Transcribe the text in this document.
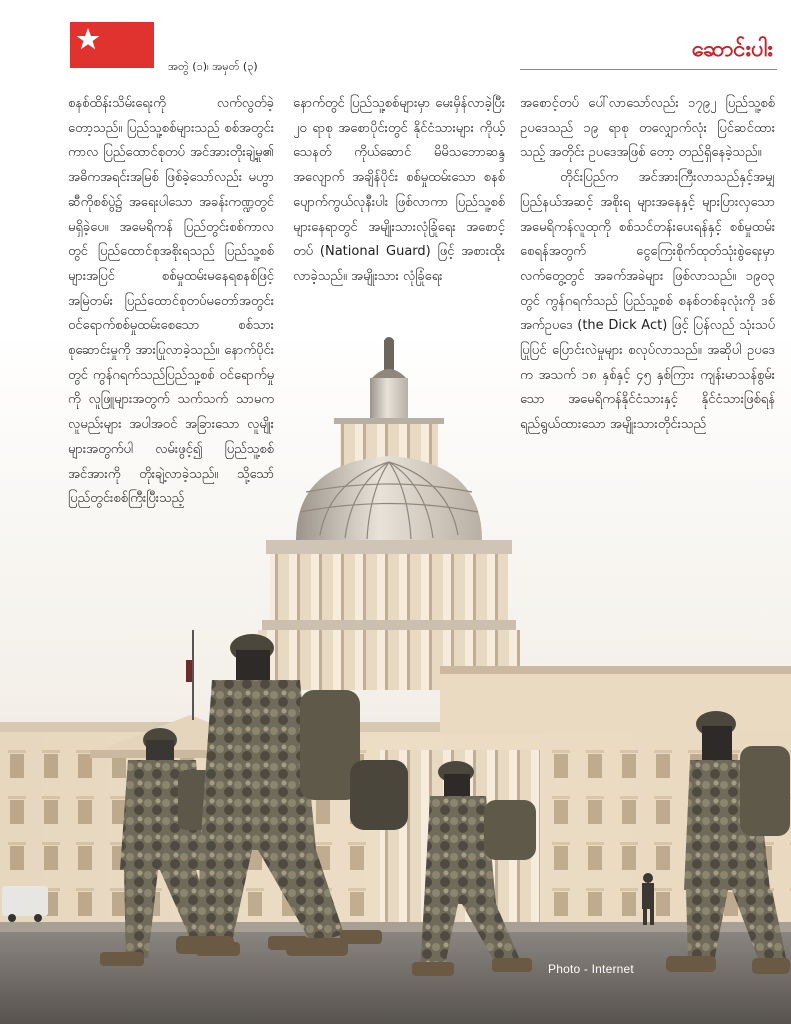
အတွဲ (၁)၊ အမှတ် (၃)
ဆောင်းပါး
Photo - Internet

စနစ်ထိန်းသိမ်းရေးကို လက်လွတ်ခဲ့တော့သည်။ ပြည်သူ့စစ်များသည် စစ်အတွင်းကာလ ပြည်ထောင်စုတပ် အင်အားတိုးချဲ့မှု၏ အဓိကအရင်းအမြစ် ဖြစ်ခဲ့သော်လည်း မဟ္ဗာဆီကိုစစ်ပွဲ၌ အရေးပါသော အခန်းကဏ္ဍတွင် မရှိခဲ့ပေ။ အမေရိကန် ပြည်တွင်းစစ်ကာလတွင် ပြည်ထောင်စုအစိုးရသည် ပြည်သူ့စစ်များအပြင် စစ်မှုထမ်းမနေရစနစ်ဖြင့် အမြဲတမ်း ပြည်ထောင်စုတပ်မတော်အတွင်း ဝင်ရောက်စစ်မှုထမ်းစေသော စစ်သားစုဆောင်းမှုကို အားပြုလာခဲ့သည်။ နောက်ပိုင်းတွင် ကွန်ဂရက်သည်ပြည်သူ့စစ် ဝင်ရောက်မှုကို လူဖြူများအတွက် သက်သက် သာမက လူမည်းများ အပါအဝင် အခြားသော လူမျိုးများအတွက်ပါ လမ်းဖွင့်၍ ပြည်သူ့စစ်အင်အားကို တိုးချဲ့လာခဲ့သည်။ သို့သော် ပြည်တွင်းစစ်ကြီးပြီးသည့်

နောက်တွင် ပြည်သူ့စစ်များမှာ မေးမှိန်လာခဲ့ပြီး ၂၀ ရာစု အစောပိုင်းတွင် နိုင်ငံသားများ ကိုယ့်သေနတ် ကိုယ်ဆောင် မိမိသဘောဆန္ဒ အလျောက် အချိန်ပိုင်း စစ်မှုထမ်းသော စနစ် ပျောက်ကွယ်လုနီးပါး ဖြစ်လာကာ ပြည်သူ့စစ်များနေရာတွင် အမျိုးသားလုံခြုံရေး အစောင့်တပ် (National Guard) ဖြင့် အစားထိုးလာခဲ့သည်။ အမျိုးသား လုံခြုံရေး

အစောင့်တပ် ပေါ်လာသော်လည်း ၁၇၉၂ ပြည်သူ့စစ်ဥပဒေသည် ၁၉ ရာစု တလျှောက်လုံး ပြင်ဆင်ထားသည့် အတိုင်း ဥပဒေအဖြစ် တော့ တည်ရှိနေခဲ့သည်။

တိုင်းပြည်က အင်အားကြီးလာသည်နှင့်အမျှ ပြည်နယ်အဆင့် အစိုးရ များအနေနှင့် များပြားလှသော အမေရိကန်လူထုကို စစ်သင်တန်းပေးရန်နှင့် စစ်မှုထမ်း စေရန်အတွက် ငွေကြေးစိုက်ထုတ်သုံးစွဲရေးမှာ လက်တွေ့တွင် အခက်အခဲများ ဖြစ်လာသည်။ ၁၉၀၃ တွင် ကွန်ဂရက်သည် ပြည်သူ့စစ် စနစ်တစ်ခုလုံးကို ဒစ်အက်ဥပဒေ (the Dick Act) ဖြင့် ပြန်လည် သုံးသပ်ပြုပြင် ပြောင်းလဲမှုများ စလုပ်လာသည်။ အဆိုပါ ဥပဒေက အသက် ၁၈ နှစ်နှင့် ၄၅ နှစ်ကြား ကျန်းမာသန်စွမ်းသော အမေရိကန်နိုင်ငံသားနှင့် နိုင်ငံသားဖြစ်ရန်ရည်ရွယ်ထားသော အမျိုးသားတိုင်းသည်
